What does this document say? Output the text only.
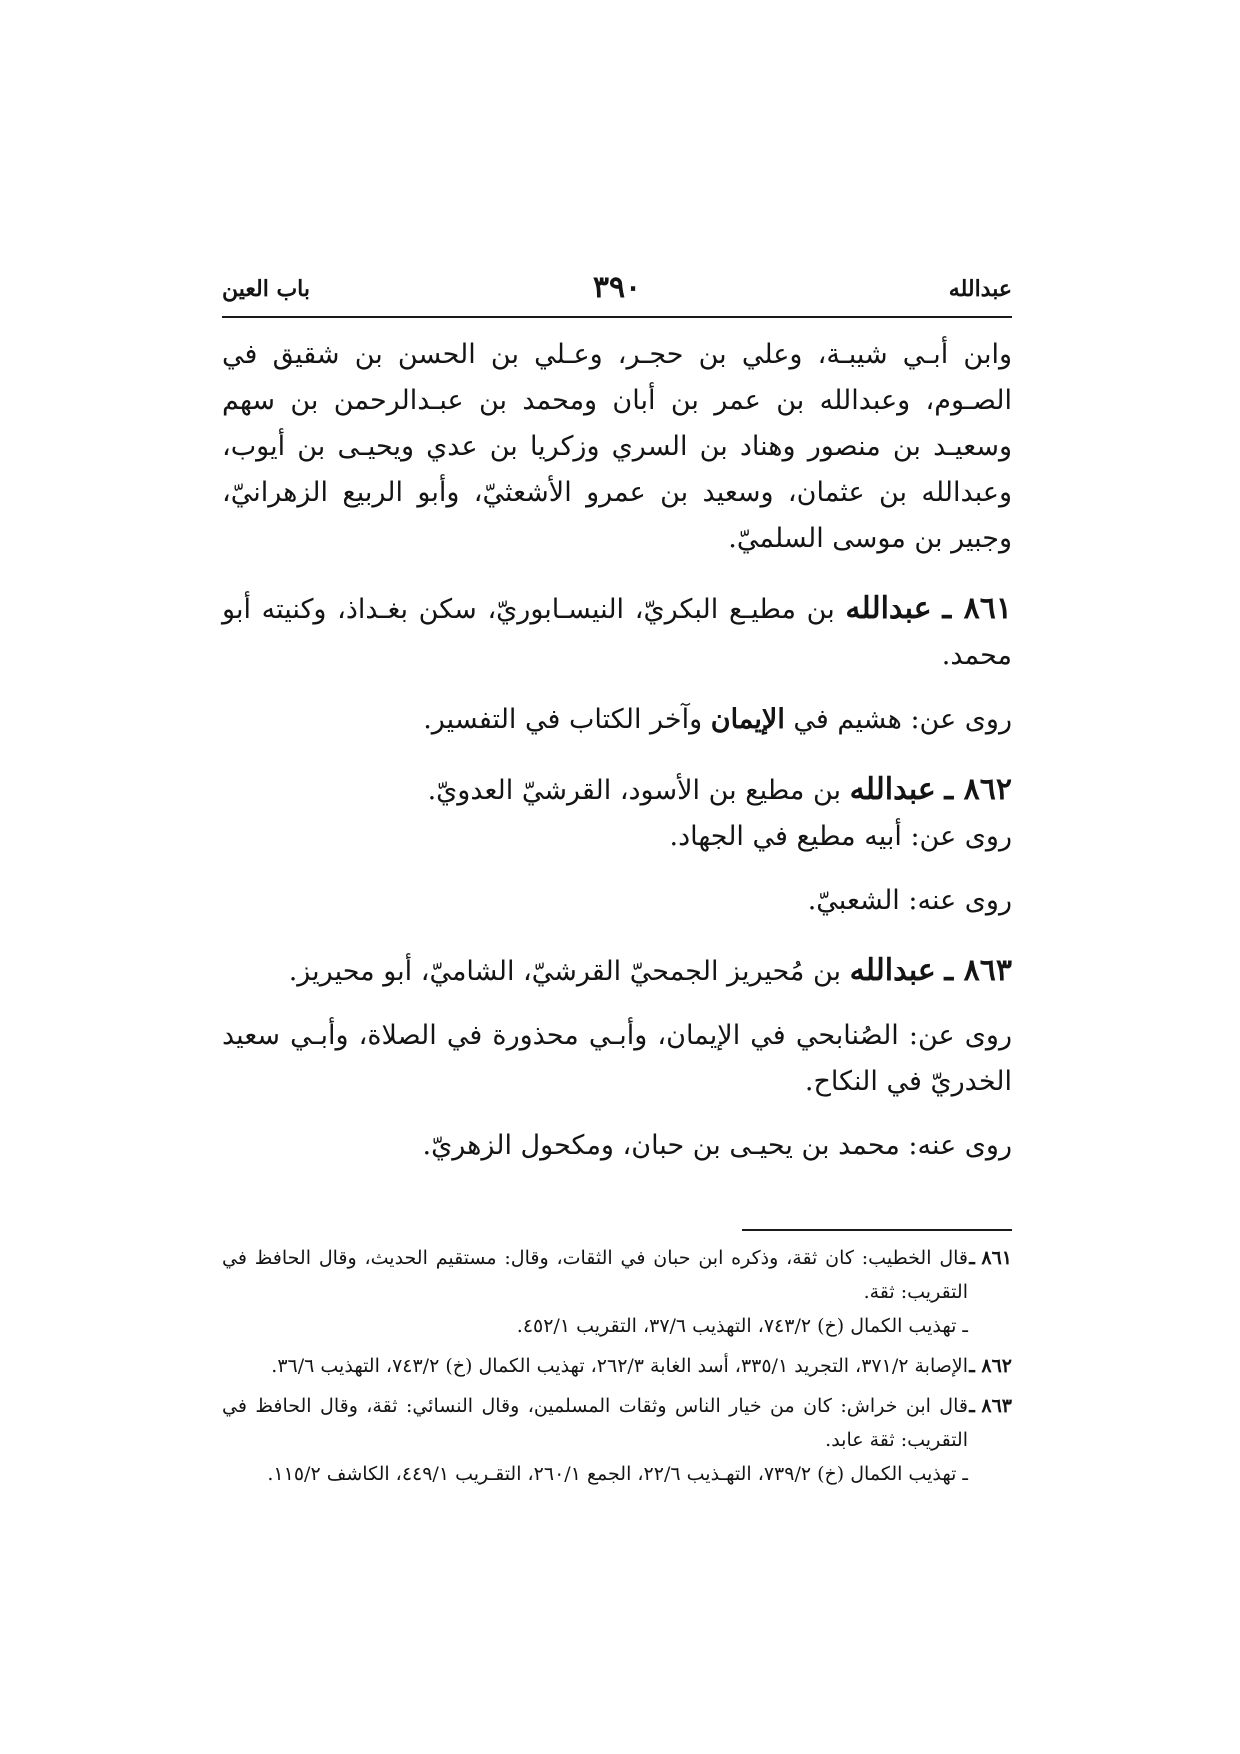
عبدالله
٣٩٠
باب العين

وابن أبـي شيبـة، وعلي بن حجـر، وعـلي بن الحسن بن شقيق في الصـوم، وعبدالله بن عمر بن أبان ومحمد بن عبـدالرحمن بن سهم وسعيـد بن منصور وهناد بن السري وزكريا بن عدي ويحيـى بن أيوب، وعبدالله بن عثمان، وسعيد بن عمرو الأشعثيّ، وأبو الربيع الزهرانيّ، وجبير بن موسى السلميّ.

٨٦١ ـ عبدالله بن مطيـع البكريّ، النيسـابوريّ، سكن بغـداذ، وكنيته أبو محمد.

روى عن: هشيم في الإيمان وآخر الكتاب في التفسير.

٨٦٢ ـ عبدالله بن مطيع بن الأسود، القرشيّ العدويّ.

روى عن: أبيه مطيع في الجهاد.

روى عنه: الشعبيّ.

٨٦٣ ـ عبدالله بن مُحيريز الجمحيّ القرشيّ، الشاميّ، أبو محيريز.

روى عن: الصُنابحي في الإيمان، وأبـي محذورة في الصلاة، وأبـي سعيد الخدريّ في النكاح.

روى عنه: محمد بن يحيـى بن حبان، ومكحول الزهريّ.

٨٦١ ـ

قال الخطيب: كان ثقة، وذكره ابن حبان في الثقات، وقال: مستقيم الحديث، وقال الحافظ في التقريب: ثقة.

ـ تهذيب الكمال (خ) ٧٤٣/٢، التهذيب ٣٧/٦، التقريب ٤٥٢/١.

٨٦٢ ـ

الإصابة ٣٧١/٢، التجريد ٣٣٥/١، أسد الغابة ٢٦٢/٣، تهذيب الكمال (خ) ٧٤٣/٢، التهذيب ٣٦/٦.

٨٦٣ ـ

قال ابن خراش: كان من خيار الناس وثقات المسلمين، وقال النسائي: ثقة، وقال الحافظ في التقريب: ثقة عابد.

ـ تهذيب الكمال (خ) ٧٣٩/٢، التهـذيب ٢٢/٦، الجمع ٢٦٠/١، التقـريب ٤٤٩/١، الكاشف ١١٥/٢.
